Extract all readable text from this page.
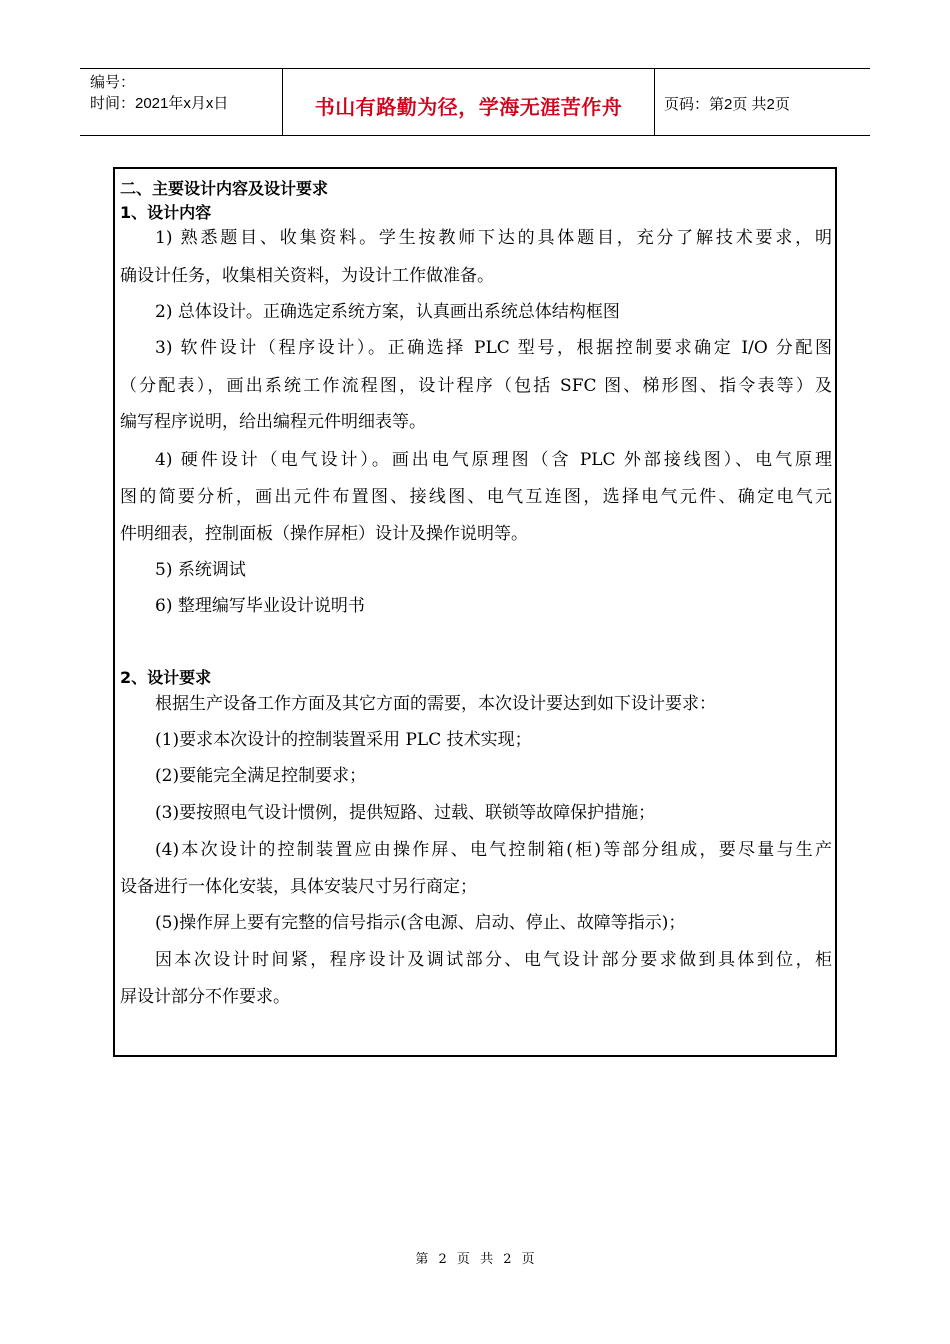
编号：
时间：2021年x月x日	书山有路勤为径，学海无涯苦作舟	页码：第2页 共2页
二、主要设计内容及设计要求
1、设计内容
1) 熟悉题目、收集资料。学生按教师下达的具体题目，充分了解技术要求，明
确设计任务，收集相关资料，为设计工作做准备。
2) 总体设计。正确选定系统方案，认真画出系统总体结构框图
3) 软件设计（程序设计）。正确选择 PLC 型号，根据控制要求确定 I/O 分配图
（分配表），画出系统工作流程图，设计程序（包括 SFC 图、梯形图、指令表等）及
编写程序说明，给出编程元件明细表等。
4) 硬件设计（电气设计）。画出电气原理图（含 PLC 外部接线图）、电气原理
图的简要分析，画出元件布置图、接线图、电气互连图，选择电气元件、确定电气元
件明细表，控制面板（操作屏柜）设计及操作说明等。
5) 系统调试
6) 整理编写毕业设计说明书
2、设计要求
根据生产设备工作方面及其它方面的需要，本次设计要达到如下设计要求：
(1)要求本次设计的控制装置采用 PLC 技术实现；
(2)要能完全满足控制要求；
(3)要按照电气设计惯例，提供短路、过载、联锁等故障保护措施；
(4)本次设计的控制装置应由操作屏、电气控制箱(柜)等部分组成，要尽量与生产
设备进行一体化安装，具体安装尺寸另行商定；
(5)操作屏上要有完整的信号指示(含电源、启动、停止、故障等指示)；
因本次设计时间紧，程序设计及调试部分、电气设计部分要求做到具体到位，柜
屏设计部分不作要求。
第 2 页 共 2 页
